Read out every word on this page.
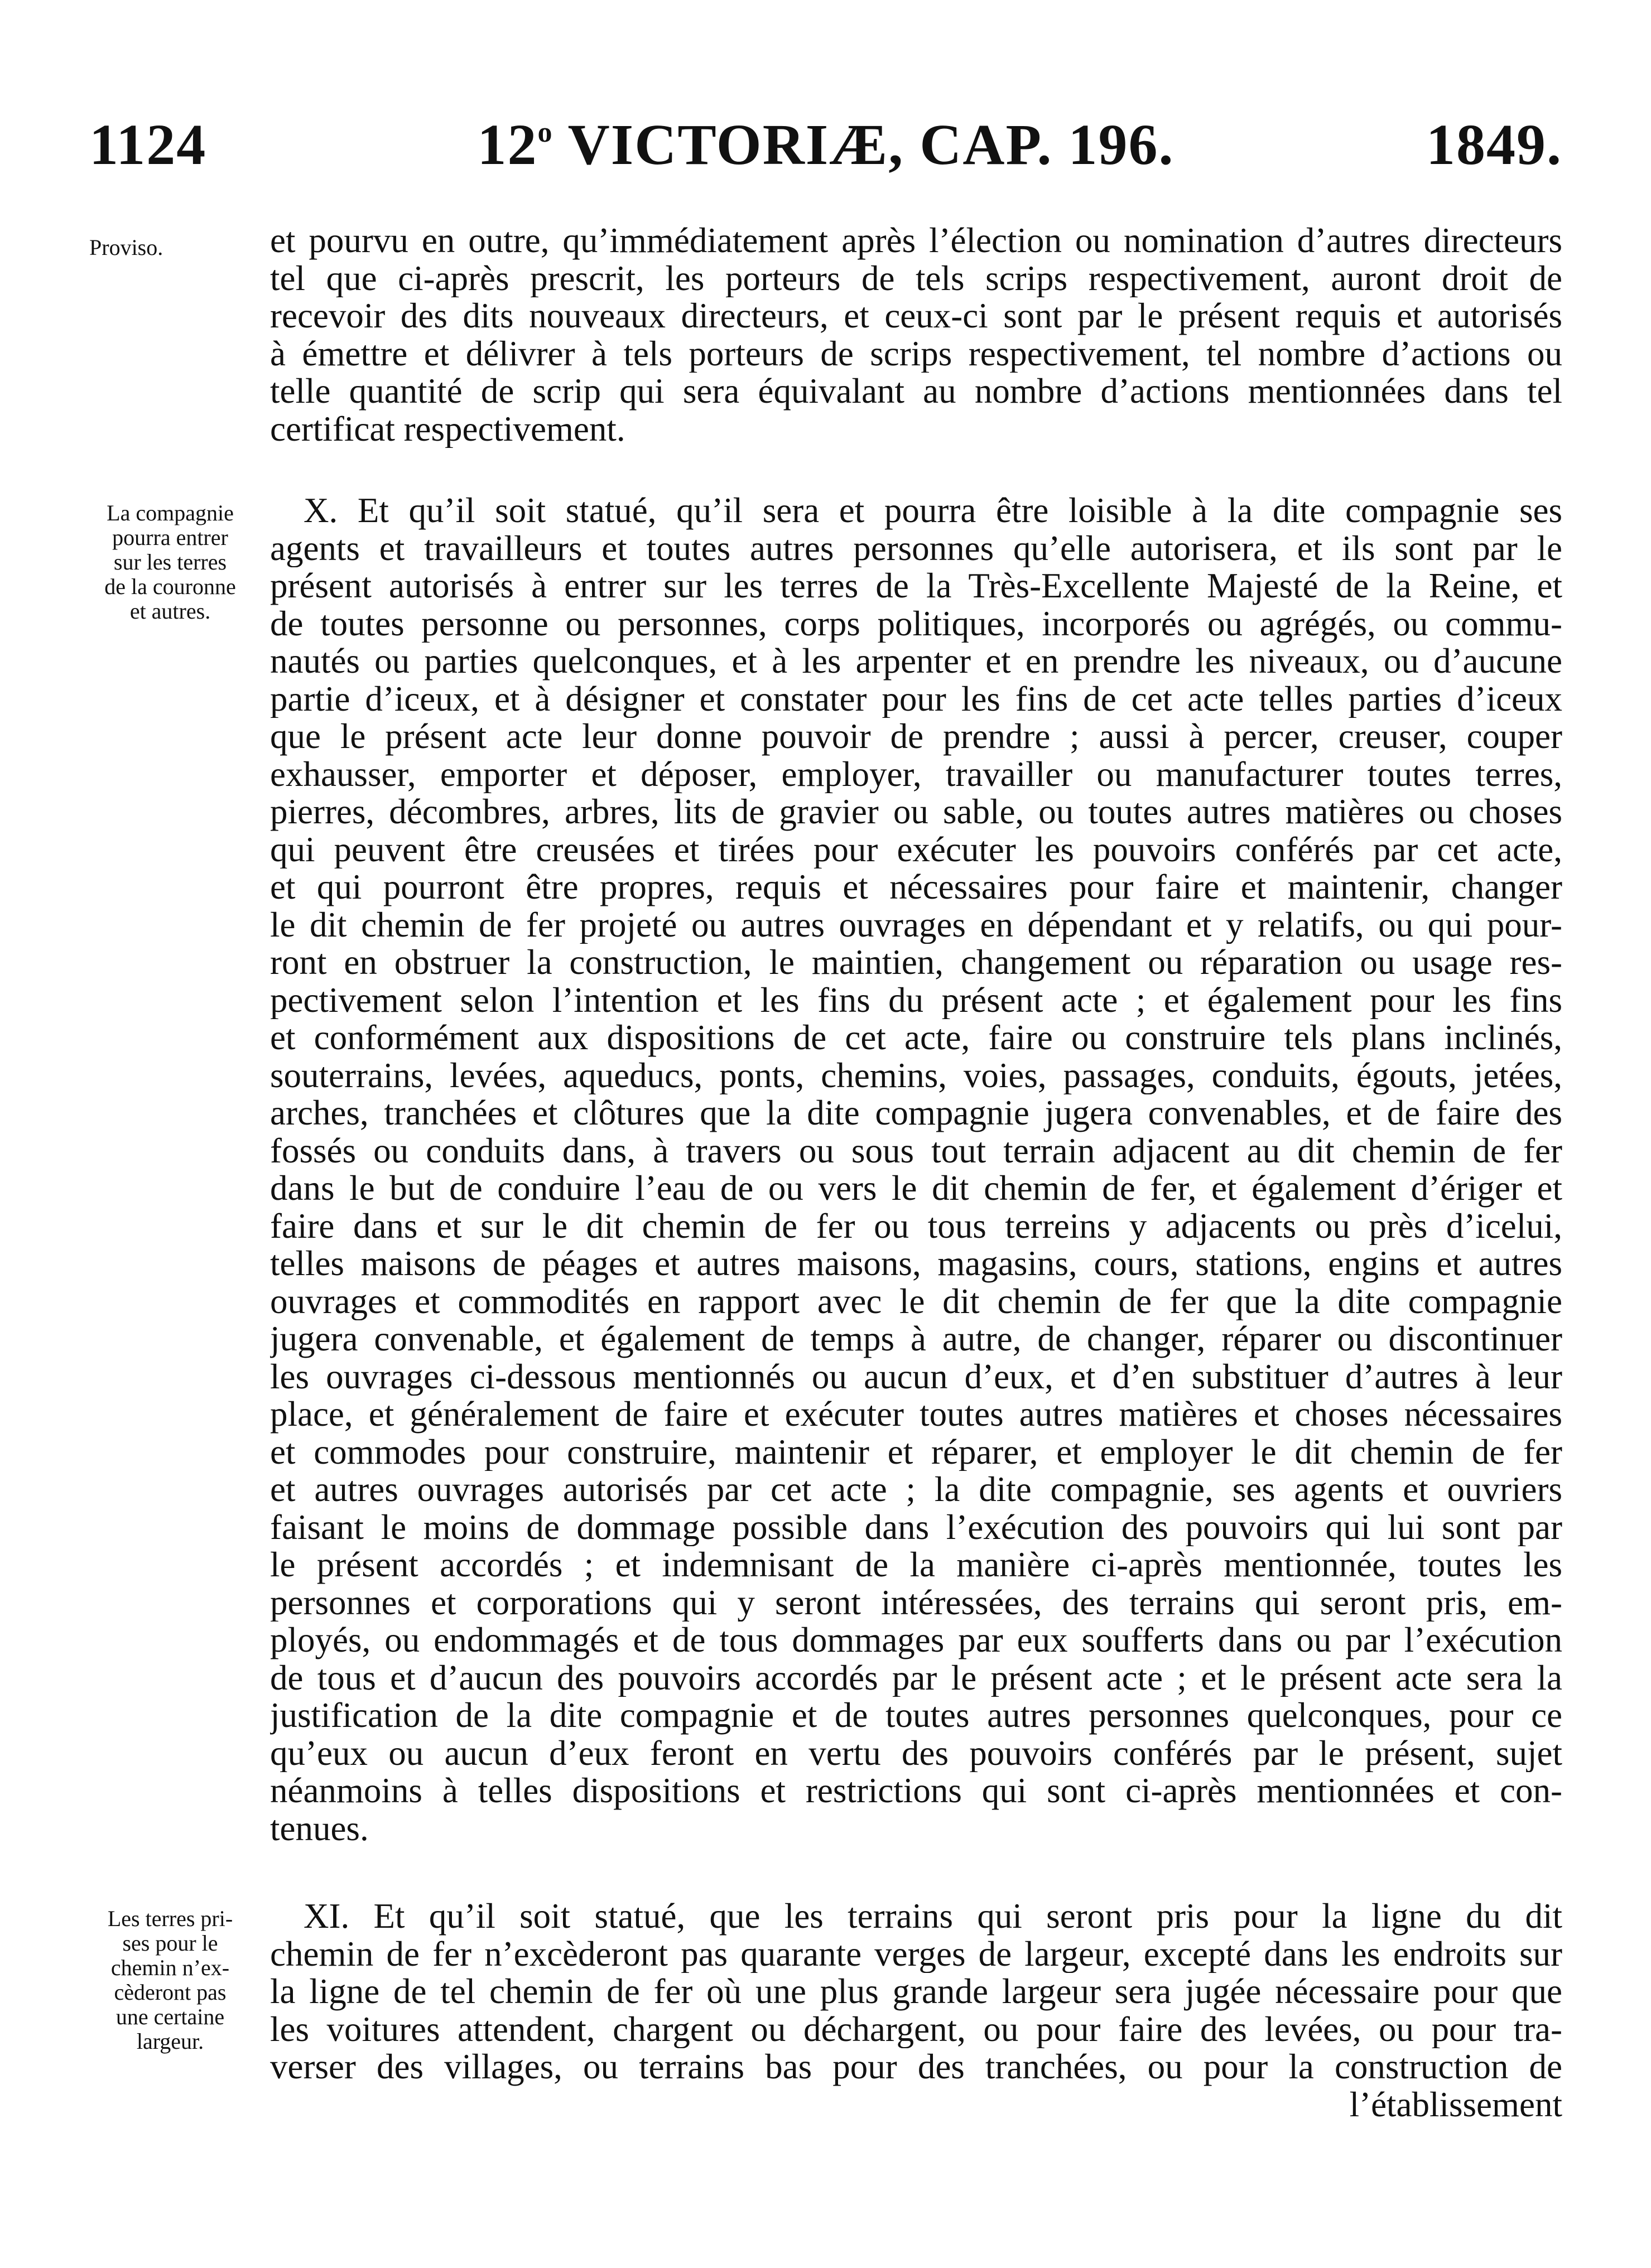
1124	12$^o$ VICTORIÆ, CAP. 196.	1849.
Proviso.	et pourvu en outre, qu’immédiatement après l’élection ou nomination d’autres directeurs
tel que ci-après prescrit, les porteurs de tels scrips respectivement, auront droit de
recevoir des dits nouveaux directeurs, et ceux-ci sont par le présent requis et autorisés
à émettre et délivrer à tels porteurs de scrips respectivement, tel nombre d’actions ou
telle quantité de scrip qui sera équivalant au nombre d’actions mentionnées dans tel
certificat respectivement.
La compagnie
pourra entrer
sur les terres
de la couronne
et autres.
X. Et qu’il soit statué, qu’il sera et pourra être loisible à la dite compagnie ses
agents et travailleurs et toutes autres personnes qu’elle autorisera, et ils sont par le
présent autorisés à entrer sur les terres de la Très-Excellente Majesté de la Reine, et
de toutes personne ou personnes, corps politiques, incorporés ou agrégés, ou commu-
nautés ou parties quelconques, et à les arpenter et en prendre les niveaux, ou d’aucune
partie d’iceux, et à désigner et constater pour les fins de cet acte telles parties d’iceux
que le présent acte leur donne pouvoir de prendre ; aussi à percer, creuser, couper
exhausser, emporter et déposer, employer, travailler ou manufacturer toutes terres,
pierres, décombres, arbres, lits de gravier ou sable, ou toutes autres matières ou choses
qui peuvent être creusées et tirées pour exécuter les pouvoirs conférés par cet acte,
et qui pourront être propres, requis et nécessaires pour faire et maintenir, changer
le dit chemin de fer projeté ou autres ouvrages en dépendant et y relatifs, ou qui pour-
ront en obstruer la construction, le maintien, changement ou réparation ou usage res-
pectivement selon l’intention et les fins du présent acte ; et également pour les fins
et conformément aux dispositions de cet acte, faire ou construire tels plans inclinés,
souterrains, levées, aqueducs, ponts, chemins, voies, passages, conduits, égouts, jetées,
arches, tranchées et clôtures que la dite compagnie jugera convenables, et de faire des
fossés ou conduits dans, à travers ou sous tout terrain adjacent au dit chemin de fer
dans le but de conduire l’eau de ou vers le dit chemin de fer, et également d’ériger et
faire dans et sur le dit chemin de fer ou tous terreins y adjacents ou près d’icelui,
telles maisons de péages et autres maisons, magasins, cours, stations, engins et autres
ouvrages et commodités en rapport avec le dit chemin de fer que la dite compagnie
jugera convenable, et également de temps à autre, de changer, réparer ou discontinuer
les ouvrages ci-dessous mentionnés ou aucun d’eux, et d’en substituer d’autres à leur
place, et généralement de faire et exécuter toutes autres matières et choses nécessaires
et commodes pour construire, maintenir et réparer, et employer le dit chemin de fer
et autres ouvrages autorisés par cet acte ; la dite compagnie, ses agents et ouvriers
faisant le moins de dommage possible dans l’exécution des pouvoirs qui lui sont par
le présent accordés ; et indemnisant de la manière ci-après mentionnée, toutes les
personnes et corporations qui y seront intéressées, des terrains qui seront pris, em-
ployés, ou endommagés et de tous dommages par eux soufferts dans ou par l’exécution
de tous et d’aucun des pouvoirs accordés par le présent acte ; et le présent acte sera la
justification de la dite compagnie et de toutes autres personnes quelconques, pour ce
qu’eux ou aucun d’eux feront en vertu des pouvoirs conférés par le présent, sujet
néanmoins à telles dispositions et restrictions qui sont ci-après mentionnées et con-
tenues.
Les terres pri-
ses pour le
chemin n’ex-
cèderont pas
une certaine
largeur.
XI. Et qu’il soit statué, que les terrains qui seront pris pour la ligne du dit
chemin de fer n’excèderont pas quarante verges de largeur, excepté dans les endroits sur
la ligne de tel chemin de fer où une plus grande largeur sera jugée nécessaire pour que
les voitures attendent, chargent ou déchargent, ou pour faire des levées, ou pour tra-
verser des villages, ou terrains bas pour des tranchées, ou pour la construction de
l’établissement
